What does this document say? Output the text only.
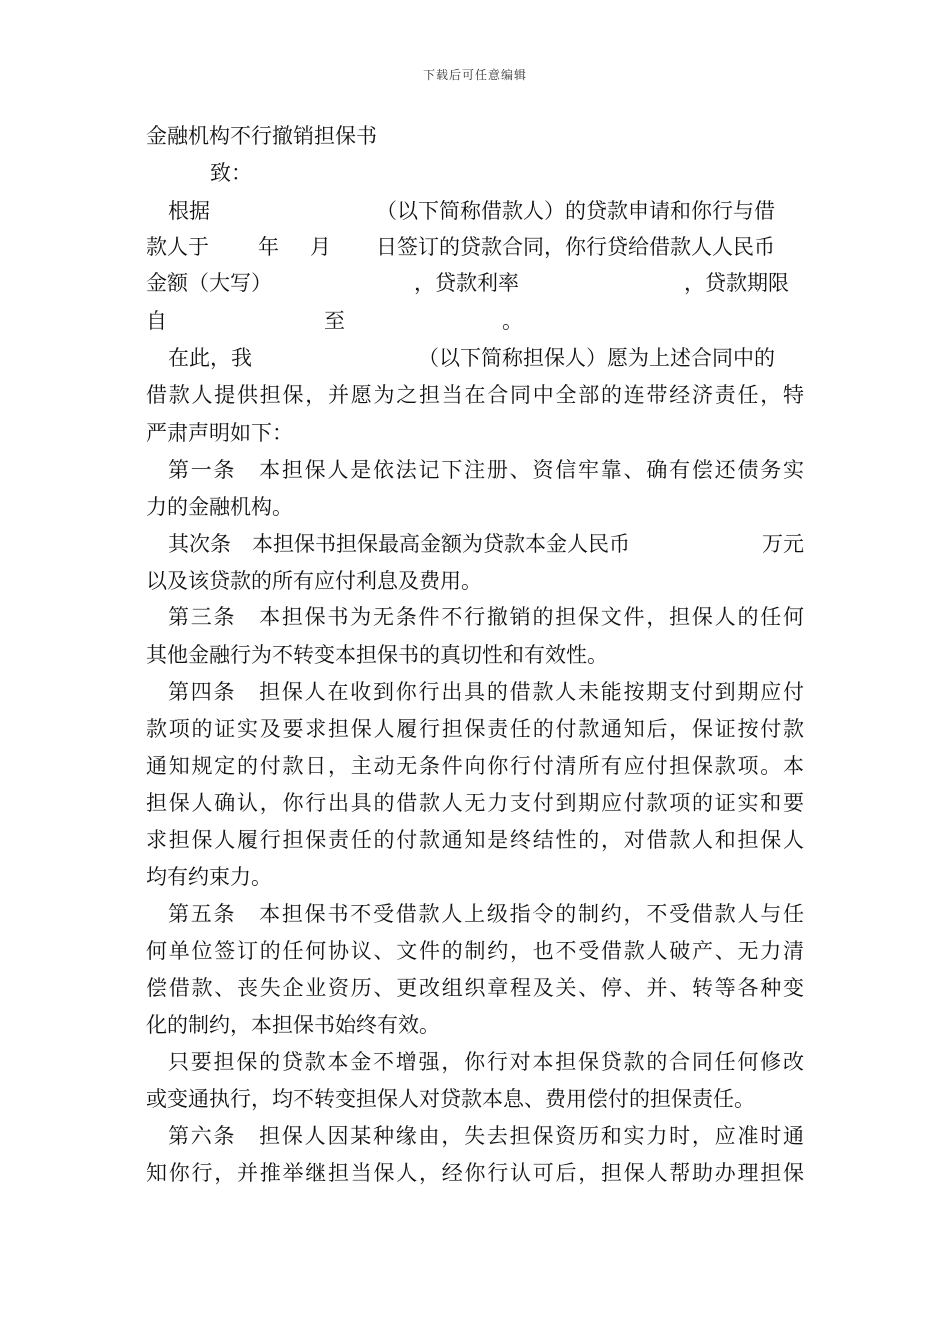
下载后可任意编辑
金融机构不行撤销担保书
致：
根据	（以下简称借款人）的贷款申请和你行与借
款人于 年 月 日签订的贷款合同，你行贷给借款人人民币
金额（大写）	，贷款利率	，贷款期限
自	至	。
在此，我	（以下简称担保人）愿为上述合同中的
借款人提供担保，并愿为之担当在合同中全部的连带经济责任，特
严肃声明如下：
第一条　本担保人是依法记下注册、资信牢靠、确有偿还债务实
力的金融机构。
其次条　本担保书担保最高金额为贷款本金人民币	万元
以及该贷款的所有应付利息及费用。
第三条　本担保书为无条件不行撤销的担保文件，担保人的任何
其他金融行为不转变本担保书的真切性和有效性。
第四条　担保人在收到你行出具的借款人未能按期支付到期应付
款项的证实及要求担保人履行担保责任的付款通知后，保证按付款
通知规定的付款日，主动无条件向你行付清所有应付担保款项。本
担保人确认，你行出具的借款人无力支付到期应付款项的证实和要
求担保人履行担保责任的付款通知是终结性的，对借款人和担保人
均有约束力。
第五条　本担保书不受借款人上级指令的制约，不受借款人与任
何单位签订的任何协议、文件的制约，也不受借款人破产、无力清
偿借款、丧失企业资历、更改组织章程及关、停、并、转等各种变
化的制约，本担保书始终有效。
只要担保的贷款本金不增强，你行对本担保贷款的合同任何修改
或变通执行，均不转变担保人对贷款本息、费用偿付的担保责任。
第六条　担保人因某种缘由，失去担保资历和实力时，应准时通
知你行，并推举继担当保人，经你行认可后，担保人帮助办理担保
